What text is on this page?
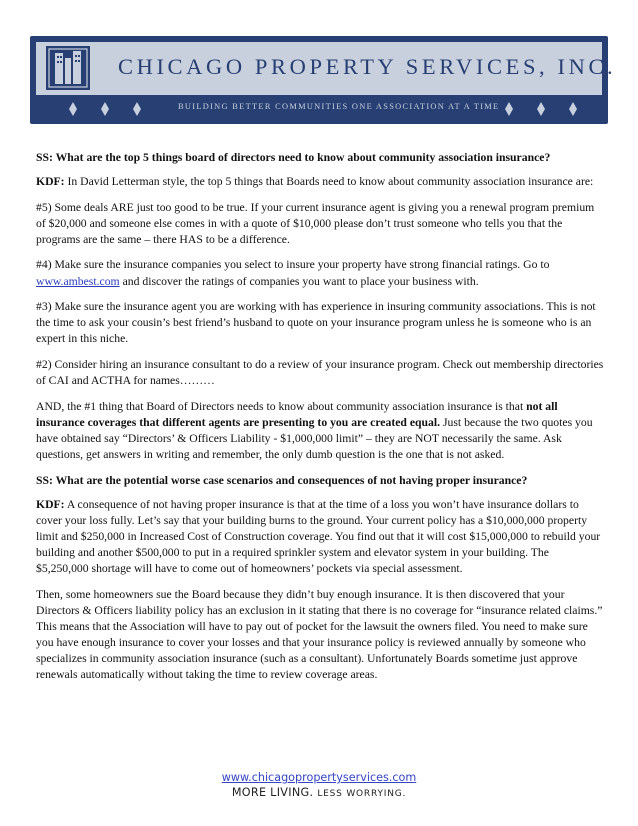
CHICAGO PROPERTY SERVICES, INC.
BUILDING BETTER COMMUNITIES ONE ASSOCIATION AT A TIME

SS: What are the top 5 things board of directors need to know about community association insurance?

KDF: In David Letterman style, the top 5 things that Boards need to know about community association insurance are:

#5) Some deals ARE just too good to be true. If your current insurance agent is giving you a renewal program premium of $20,000 and someone else comes in with a quote of $10,000 please don’t trust someone who tells you that the programs are the same – there HAS to be a difference.

#4) Make sure the insurance companies you select to insure your property have strong financial ratings. Go to www.ambest.com and discover the ratings of companies you want to place your business with.

#3) Make sure the insurance agent you are working with has experience in insuring community associations. This is not the time to ask your cousin’s best friend’s husband to quote on your insurance program unless he is someone who is an expert in this niche.

#2) Consider hiring an insurance consultant to do a review of your insurance program. Check out membership directories of CAI and ACTHA for names………

AND, the #1 thing that Board of Directors needs to know about community association insurance is that not all insurance coverages that different agents are presenting to you are created equal. Just because the two quotes you have obtained say “Directors’ & Officers Liability - $1,000,000 limit” – they are NOT necessarily the same. Ask questions, get answers in writing and remember, the only dumb question is the one that is not asked.

SS: What are the potential worse case scenarios and consequences of not having proper insurance?

KDF: A consequence of not having proper insurance is that at the time of a loss you won’t have insurance dollars to cover your loss fully. Let’s say that your building burns to the ground. Your current policy has a $10,000,000 property limit and $250,000 in Increased Cost of Construction coverage. You find out that it will cost $15,000,000 to rebuild your building and another $500,000 to put in a required sprinkler system and elevator system in your building. The $5,250,000 shortage will have to come out of homeowners’ pockets via special assessment.

Then, some homeowners sue the Board because they didn’t buy enough insurance. It is then discovered that your Directors & Officers liability policy has an exclusion in it stating that there is no coverage for “insurance related claims.” This means that the Association will have to pay out of pocket for the lawsuit the owners filed. You need to make sure you have enough insurance to cover your losses and that your insurance policy is reviewed annually by someone who specializes in community association insurance (such as a consultant). Unfortunately Boards sometime just approve renewals automatically without taking the time to review coverage areas.

www.chicagopropertyservices.com
MORE LIVING. LESS WORRYING.
